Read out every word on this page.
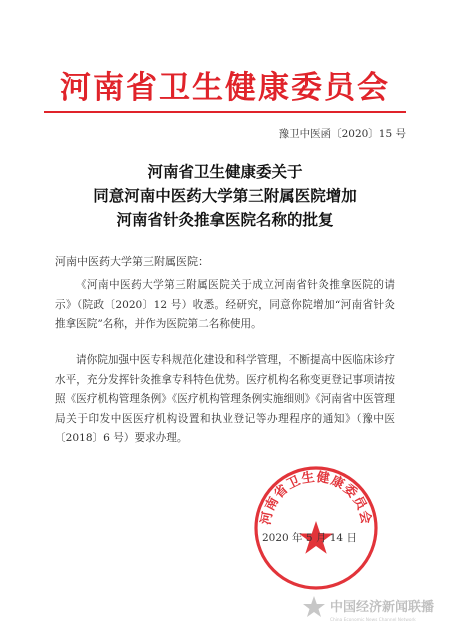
河南省卫生健康委员会
豫卫中医函〔2020〕15 号
河南省卫生健康委关于
同意河南中医药大学第三附属医院增加
河南省针灸推拿医院名称的批复
河南中医药大学第三附属医院：
《河南中医药大学第三附属医院关于成立河南省针灸推拿医院的请示》（院政〔2020〕12 号）收悉。经研究，同意你院增加“河南省针灸推拿医院”名称，并作为医院第二名称使用。
请你院加强中医专科规范化建设和科学管理，不断提高中医临床诊疗水平，充分发挥针灸推拿专科特色优势。医疗机构名称变更登记事项请按照《医疗机构管理条例》《医疗机构管理条例实施细则》《河南省中医管理局关于印发中医医疗机构设置和执业登记等办理程序的通知》（豫中医〔2018〕6 号）要求办理。
河南省卫生健康委员会
2020 年 5 月 14 日
中国经济新闻联播
China Economic News Channel Network
